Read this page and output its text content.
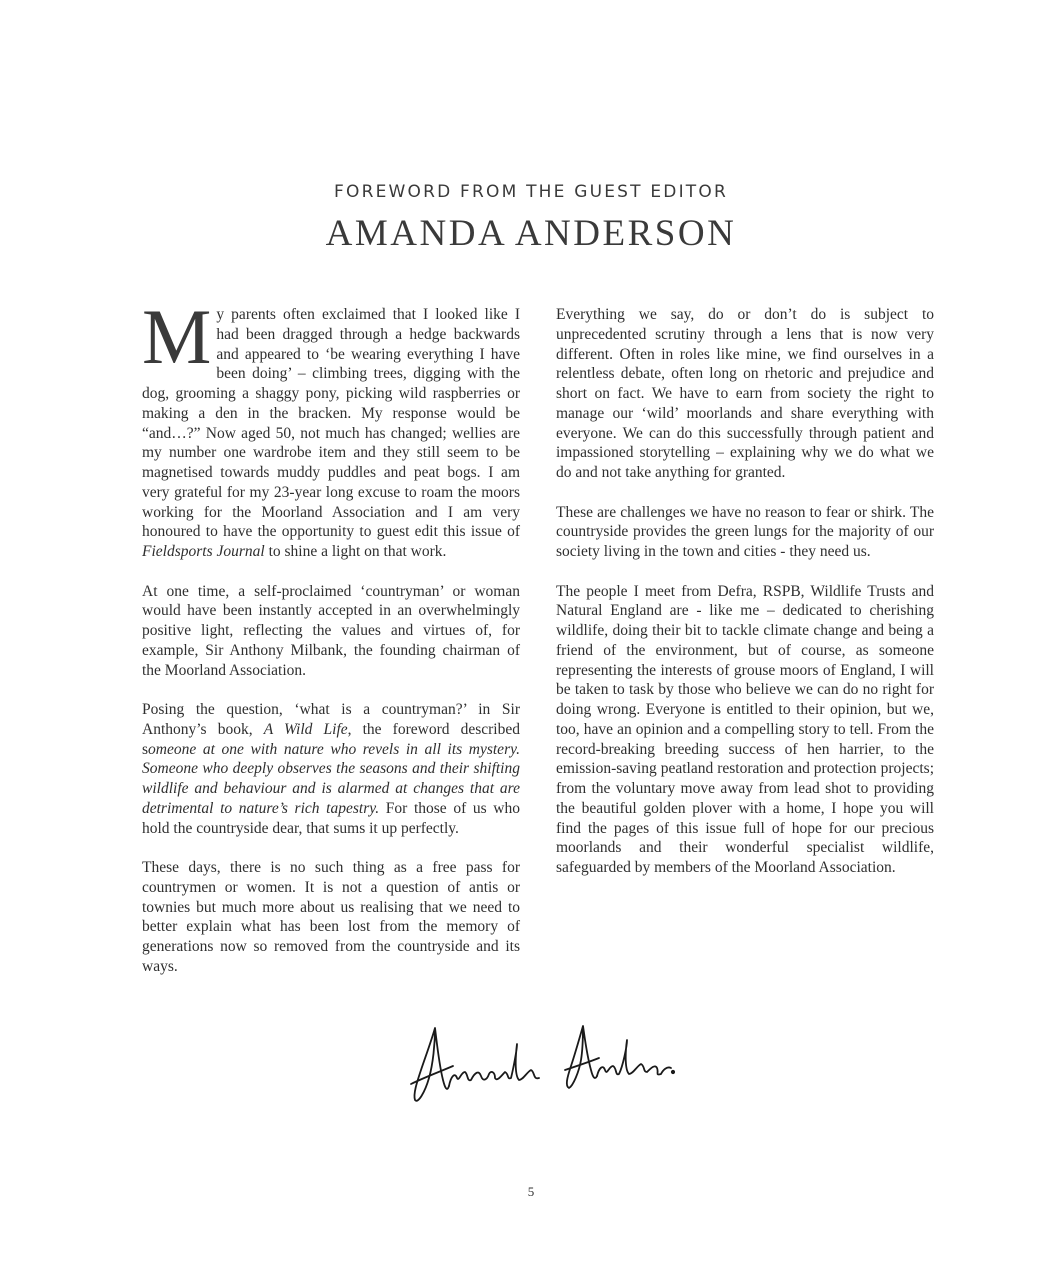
FOREWORD FROM THE GUEST EDITOR
AMANDA ANDERSON

My parents often exclaimed that I looked like I had been dragged through a hedge backwards and appeared to ‘be wearing everything I have been doing’ – climbing trees, digging with the dog, grooming a shaggy pony, picking wild raspberries or making a den in the bracken. My response would be “and…?” Now aged 50, not much has changed; wellies are my number one wardrobe item and they still seem to be magnetised towards muddy puddles and peat bogs. I am very grateful for my 23-year long excuse to roam the moors working for the Moorland Association and I am very honoured to have the opportunity to guest edit this issue of Fieldsports Journal to shine a light on that work.

At one time, a self-proclaimed ‘countryman’ or woman would have been instantly accepted in an overwhelmingly positive light, reflecting the values and virtues of, for example, Sir Anthony Milbank, the founding chairman of the Moorland Association.

Posing the question, ‘what is a countryman?’ in Sir Anthony’s book, A Wild Life, the foreword described someone at one with nature who revels in all its mystery. Someone who deeply observes the seasons and their shifting wildlife and behaviour and is alarmed at changes that are detrimental to nature’s rich tapestry. For those of us who hold the countryside dear, that sums it up perfectly.

These days, there is no such thing as a free pass for countrymen or women. It is not a question of antis or townies but much more about us realising that we need to better explain what has been lost from the memory of generations now so removed from the countryside and its ways.

Everything we say, do or don’t do is subject to unprecedented scrutiny through a lens that is now very different. Often in roles like mine, we find ourselves in a relentless debate, often long on rhetoric and prejudice and short on fact. We have to earn from society the right to manage our ‘wild’ moorlands and share everything with everyone. We can do this successfully through patient and impassioned storytelling – explaining why we do what we do and not take anything for granted.

These are challenges we have no reason to fear or shirk. The countryside provides the green lungs for the majority of our society living in the town and cities - they need us.

The people I meet from Defra, RSPB, Wildlife Trusts and Natural England are - like me – dedicated to cherishing wildlife, doing their bit to tackle climate change and being a friend of the environment, but of course, as someone representing the interests of grouse moors of England, I will be taken to task by those who believe we can do no right for doing wrong. Everyone is entitled to their opinion, but we, too, have an opinion and a compelling story to tell. From the record-breaking breeding success of hen harrier, to the emission-saving peatland restoration and protection projects; from the voluntary move away from lead shot to providing the beautiful golden plover with a home, I hope you will find the pages of this issue full of hope for our precious moorlands and their wonderful specialist wildlife, safeguarded by members of the Moorland Association.

5
